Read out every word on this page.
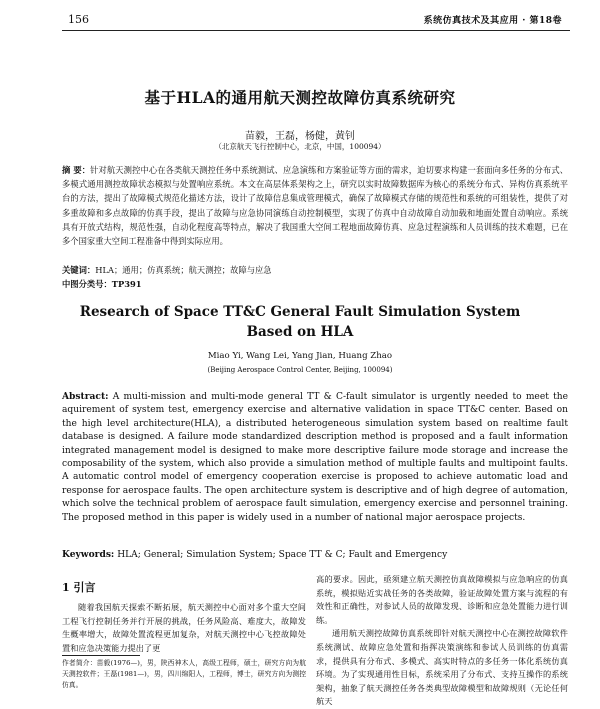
156	系统仿真技术及其应用 · 第18卷
基于HLA的通用航天测控故障仿真系统研究
苗毅，王磊，杨健，黄钊
（北京航天飞行控制中心，北京，中国，100094）
摘 要：针对航天测控中心在各类航天测控任务中系统测试、应急演练和方案验证等方面的需求，迫切要求构建一套面向多任务的分布式、多模式通用测控故障状态模拟与处置响应系统。本文在高层体系架构之上，研究以实时故障数据库为核心的系统分布式、异构仿真系统平台的方法，提出了故障模式规范化描述方法，设计了故障信息集成管理模式，确保了故障模式存储的规范性和系统的可组装性，提供了对多重故障和多点故障的仿真手段，提出了故障与应急协同演练自动控制模型，实现了仿真中自动故障自动加载和地面处置自动响应。系统具有开放式结构，规范性强，自动化程度高等特点，解决了我国重大空间工程地面故障仿真、应急过程演练和人员训练的技术难题，已在多个国家重大空间工程准备中得到实际应用。
关键词：HLA；通用；仿真系统；航天测控；故障与应急
中图分类号：TP391
Research of Space TT&C General Fault Simulation System
Based on HLA
Miao Yi, Wang Lei, Yang Jian, Huang Zhao
(Beijing Aerospace Control Center, Beijing, 100094)
Abstract: A multi-mission and multi-mode general TT & C-fault simulator is urgently needed to meet the aquirement of system test, emergency exercise and alternative validation in space TT&C center. Based on the high level architecture(HLA), a distributed heterogeneous simulation system based on realtime fault database is designed. A failure mode standardized description method is proposed and a fault information integrated management model is designed to make more descriptive failure mode storage and increase the composability of the system, which also provide a simulation method of multiple faults and multipoint faults. A automatic control model of emergency cooperation exercise is proposed to achieve automatic load and response for aerospace faults. The open architecture system is descriptive and of high degree of automation, which solve the technical problem of aerospace fault simulation, emergency exercise and personnel training. The proposed method in this paper is widely used in a number of national major aerospace projects.
Keywords: HLA; General; Simulation System; Space TT & C; Fault and Emergency
1 引言
随着我国航天探索不断拓展，航天测控中心面对多个重大空间工程飞行控制任务并行开展的挑战，任务风险高、难度大，故障发生概率增大，故障处置流程更加复杂，对航天测控中心飞控故障处置和应急决策能力提出了更
作者简介：苗毅(1976—)，男，陕西神木人，高级工程师，硕士，研究方向为航天测控软件；王磊(1981—)，男，四川绵阳人，工程师，博士，研究方向为测控仿真。

高的要求。因此，亟须建立航天测控仿真故障模拟与应急响应的仿真系统，模拟贴近实战任务的各类故障，验证故障处置方案与流程的有效性和正确性，对参试人员的故障发现、诊断和应急处置能力进行训练。

通用航天测控故障仿真系统即针对航天测控中心在测控故障软件系统测试、故障应急处置和指挥决策演练和参试人员训练的仿真需求，提供具有分布式、多模式、高实时特点的多任务一体化系统仿真环境。为了实现通用性目标，系统采用了分布式、支持互操作的系统架构，抽象了航天测控任务各类典型故障模型和故障规则（无论任何航天
